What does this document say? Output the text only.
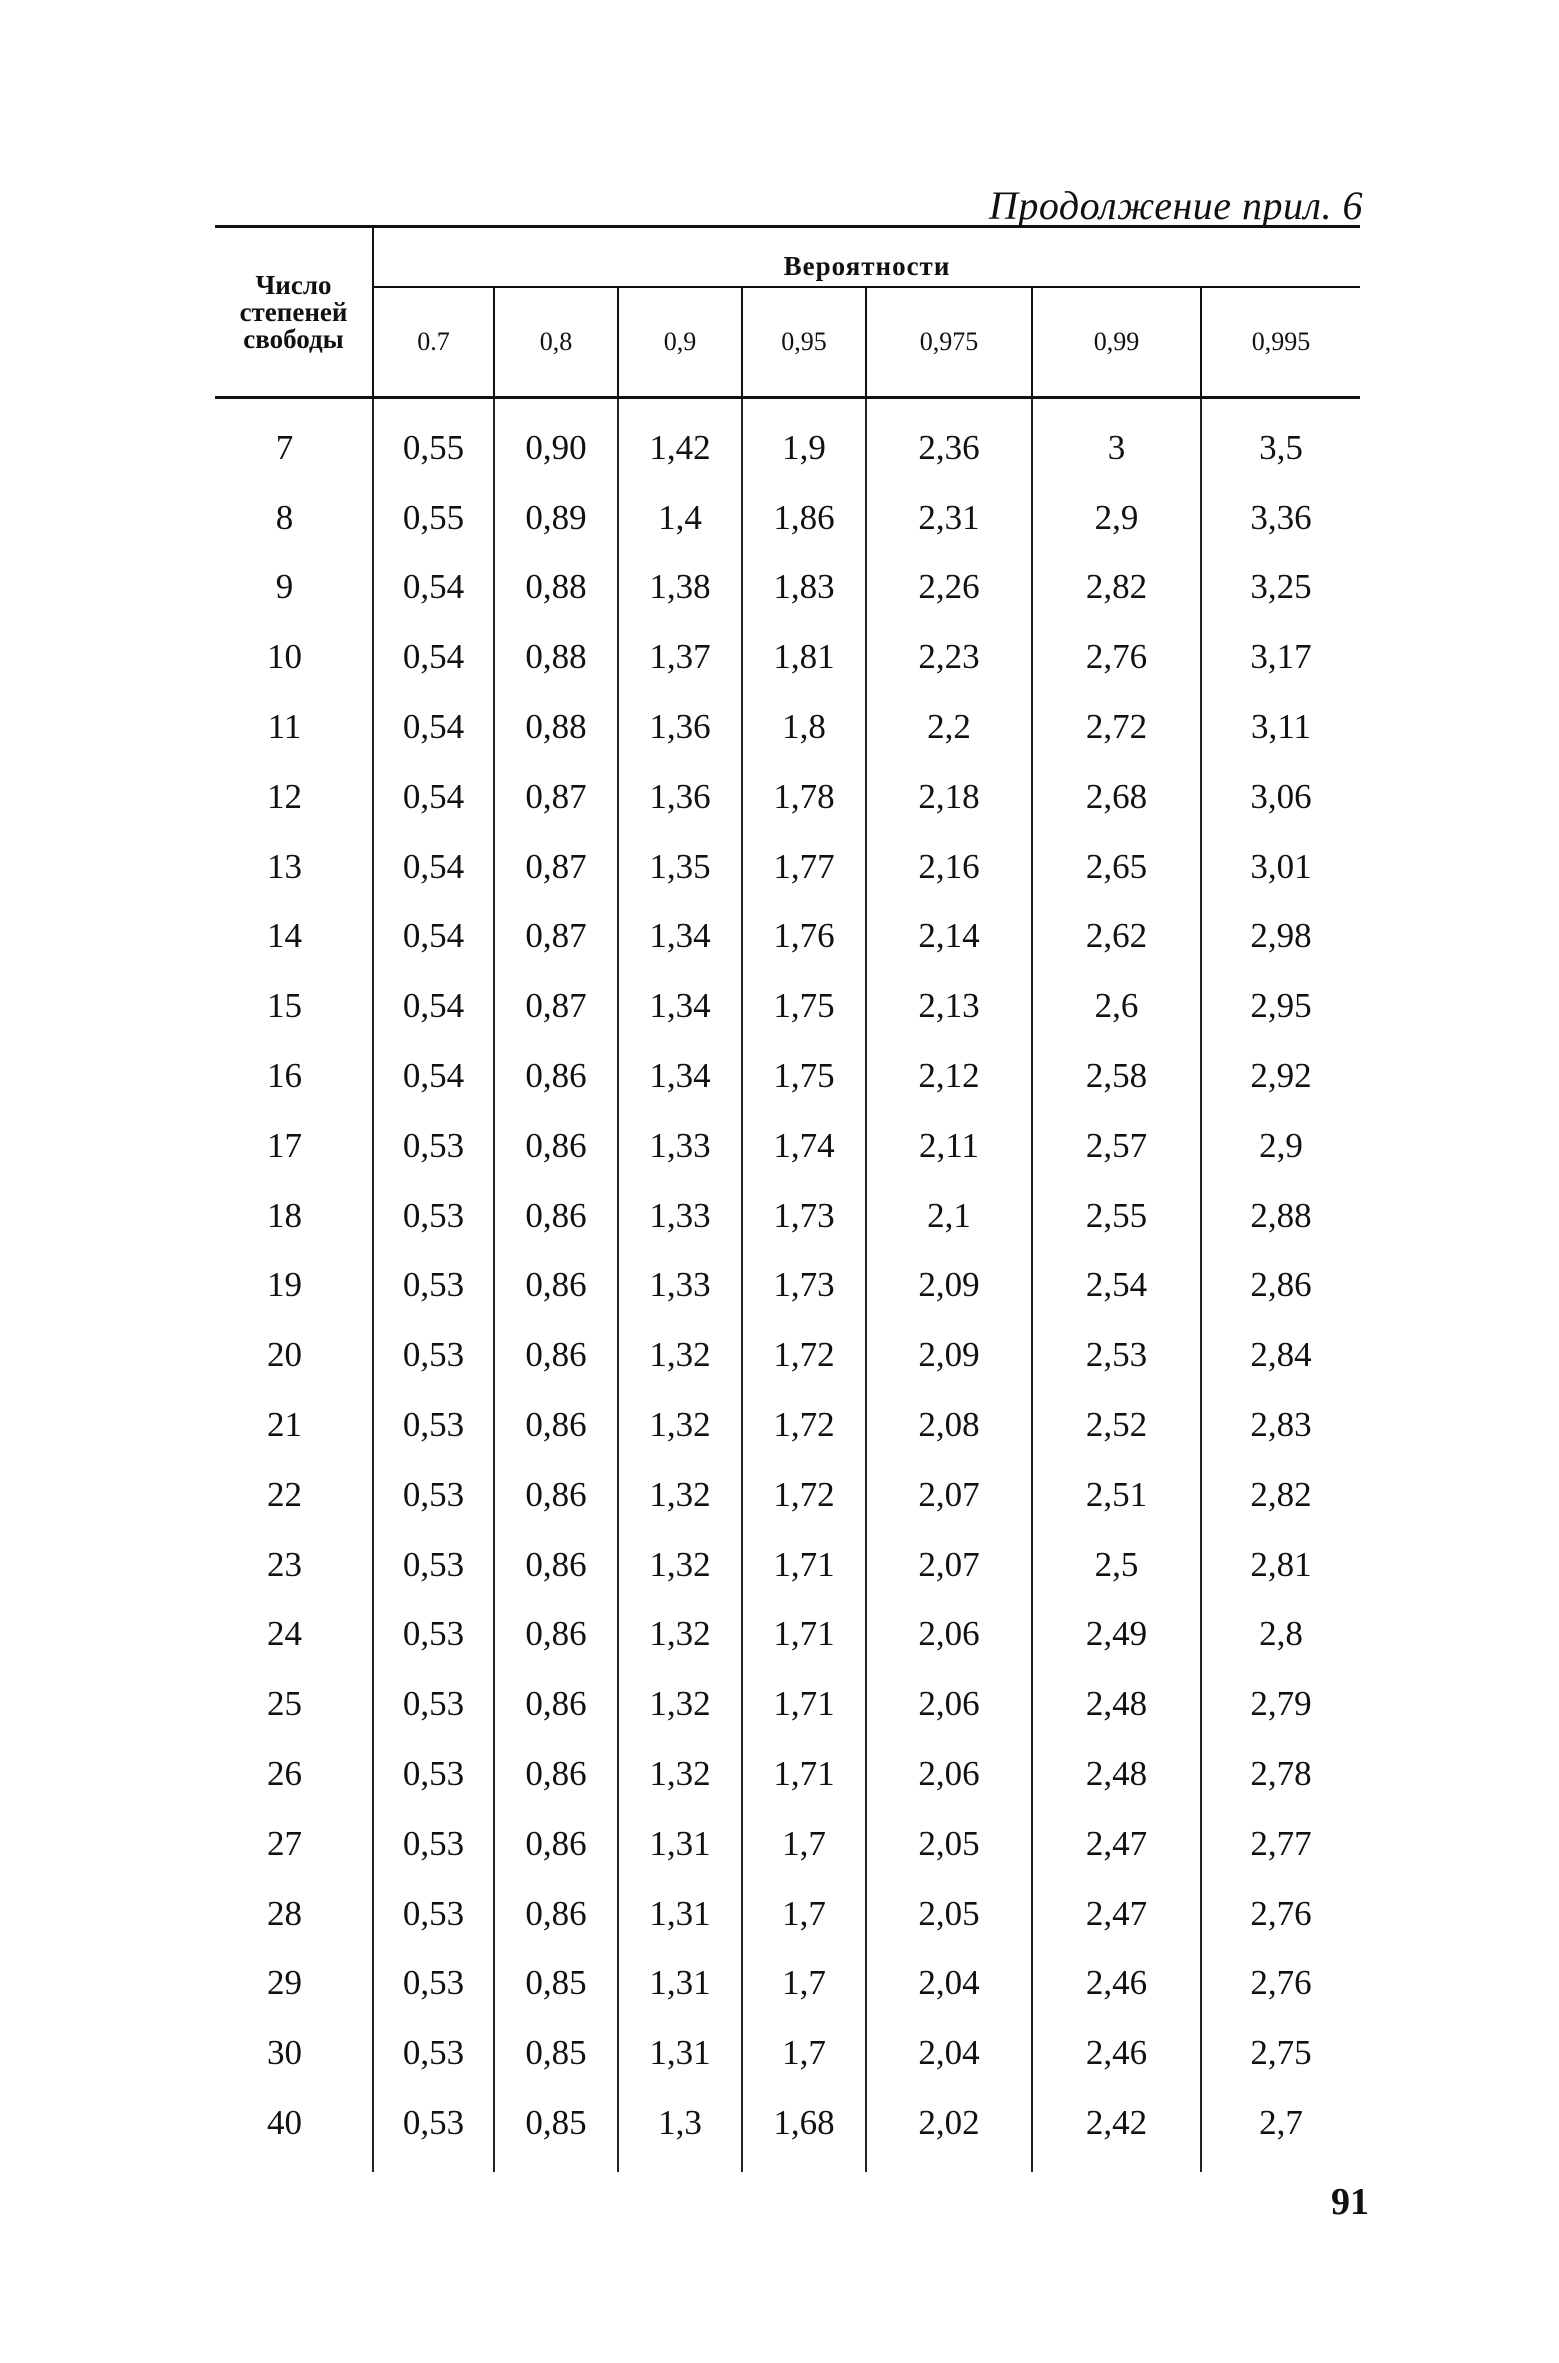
Продолжение прил. 6
Число степеней свободы	Вероятности						
	0.7	0,8	0,9	0,95	0,975	0,99	0,995
7	0,55	0,90	1,42	1,9	2,36	3	3,5
8	0,55	0,89	1,4	1,86	2,31	2,9	3,36
9	0,54	0,88	1,38	1,83	2,26	2,82	3,25
10	0,54	0,88	1,37	1,81	2,23	2,76	3,17
11	0,54	0,88	1,36	1,8	2,2	2,72	3,11
12	0,54	0,87	1,36	1,78	2,18	2,68	3,06
13	0,54	0,87	1,35	1,77	2,16	2,65	3,01
14	0,54	0,87	1,34	1,76	2,14	2,62	2,98
15	0,54	0,87	1,34	1,75	2,13	2,6	2,95
16	0,54	0,86	1,34	1,75	2,12	2,58	2,92
17	0,53	0,86	1,33	1,74	2,11	2,57	2,9
18	0,53	0,86	1,33	1,73	2,1	2,55	2,88
19	0,53	0,86	1,33	1,73	2,09	2,54	2,86
20	0,53	0,86	1,32	1,72	2,09	2,53	2,84
21	0,53	0,86	1,32	1,72	2,08	2,52	2,83
22	0,53	0,86	1,32	1,72	2,07	2,51	2,82
23	0,53	0,86	1,32	1,71	2,07	2,5	2,81
24	0,53	0,86	1,32	1,71	2,06	2,49	2,8
25	0,53	0,86	1,32	1,71	2,06	2,48	2,79
26	0,53	0,86	1,32	1,71	2,06	2,48	2,78
27	0,53	0,86	1,31	1,7	2,05	2,47	2,77
28	0,53	0,86	1,31	1,7	2,05	2,47	2,76
29	0,53	0,85	1,31	1,7	2,04	2,46	2,76
30	0,53	0,85	1,31	1,7	2,04	2,46	2,75
40	0,53	0,85	1,3	1,68	2,02	2,42	2,7
91
